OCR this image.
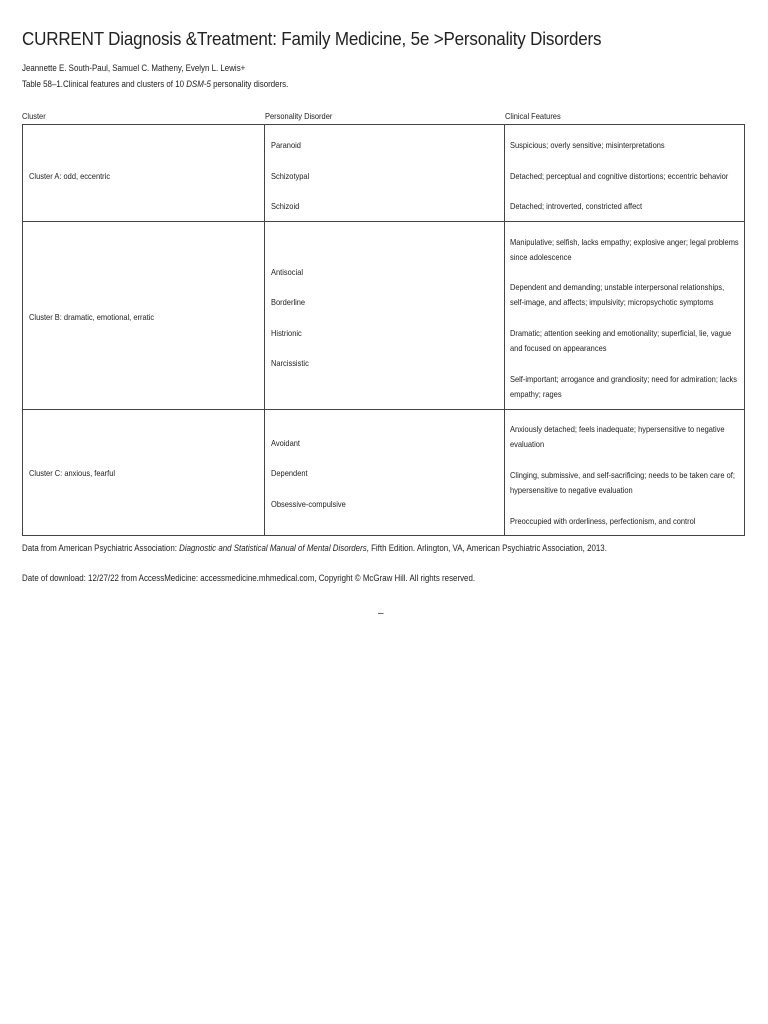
CURRENT Diagnosis &Treatment: Family Medicine, 5e >Personality Disorders
Jeannette E. South-Paul, Samuel C. Matheny, Evelyn L. Lewis+
Table 58–1.Clinical features and clusters of 10 DSM-5 personality disorders.
Cluster	Personality Disorder	Clinical Features
Cluster A: odd, eccentric
Paranoid
Schizotypal
Schizoid
Suspicious; overly sensitive; misinterpretations
Detached; perceptual and cognitive distortions; eccentric behavior
Detached; introverted, constricted affect
Cluster B: dramatic, emotional, erratic
Antisocial
Borderline
Histrionic
Narcissistic
Manipulative; selfish, lacks empathy; explosive anger; legal problems since adolescence
Dependent and demanding; unstable interpersonal relationships, self-image, and affects; impulsivity; micropsychotic symptoms
Dramatic; attention seeking and emotionality; superficial, lie, vague and focused on appearances
Self-important; arrogance and grandiosity; need for admiration; lacks empathy; rages
Cluster C: anxious, fearful
Avoidant
Dependent
Obsessive-compulsive
Anxiously detached; feels inadequate; hypersensitive to negative evaluation
Clinging, submissive, and self-sacrificing; needs to be taken care of; hypersensitive to negative evaluation
Preoccupied with orderliness, perfectionism, and control
Data from American Psychiatric Association: Diagnostic and Statistical Manual of Mental Disorders, Fifth Edition. Arlington, VA, American Psychiatric Association, 2013.
Date of download: 12/27/22 from AccessMedicine: accessmedicine.mhmedical.com, Copyright © McGraw Hill. All rights reserved.
–
